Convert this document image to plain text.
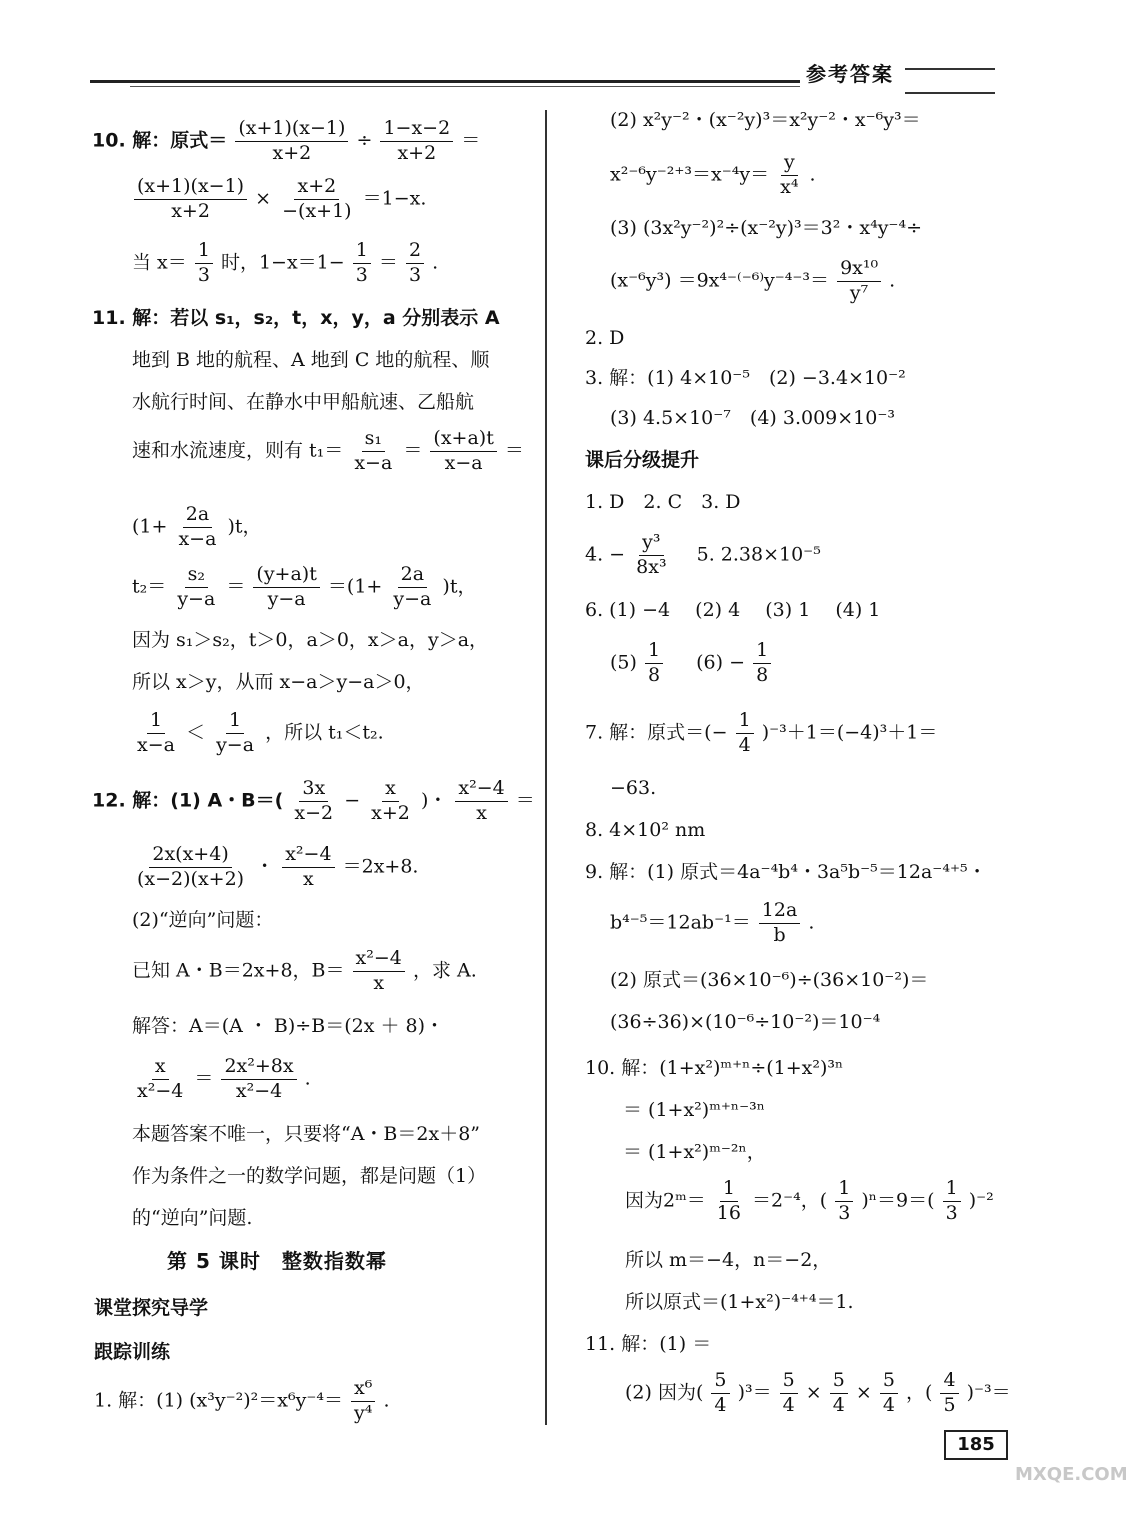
参考答案
10. 解：原式＝ $\frac{(x+1)(x-1)}{x+2} \div \frac{1-x-2}{x+2}$ ＝
$\frac{(x+1)(x-1)}{x+2} \times \frac{x+2}{-(x+1)} =1-x$.
当 $x= \frac{1}{3}$ 时，$1-x=1- \frac{1}{3} = \frac{2}{3}$ .
11. 解：若以 s₁，s₂，t，x，y，a 分别表示 A
地到 B 地的航程、A 地到 C 地的航程、顺
水航行时间、在静水中甲船航速、乙船航
速和水流速度，则有 $t_1= \frac{\text{s₁}}{x-a} = \frac{(x+a)t}{x-a}$ ＝
$(1+ \frac{2a}{x-a} )t$，
$t_2= \frac{\text{s₂}}{y-a} = \frac{(y+a)t}{y-a} =(1+ \frac{2a}{y-a} )t$，
因为 s₁＞s₂，t＞0，a＞0，x＞a，y＞a，
所以 x＞y，从而 x−a＞y−a＞0，
$\frac{1}{x-a} < \frac{1}{y-a}$ ，所以 t₁＜t₂.
12. 解：(1) A・$B=( \frac{3x}{x-2} - \frac{x}{x+2}$ )・ $\frac{\text{x²−4}}{x}$ ＝
$\frac{2x(x+4)}{(x-2)(x+2)}$ ・ $\frac{\text{x²−4}}{x} =2x+8$.
(2)“逆向”问题：
已知 A・B＝2x+8，$B= \frac{\text{x²−4}}{x}$ ，求 A.
解答：A＝(A ・ B)÷B＝(2x ＋ 8)・
$\frac{x}{\text{x²−4}} = \frac{\text{2x²+8x}}{\text{x²−4}}$ .
本题答案不唯一，只要将“A・B＝2x＋8”
作为条件之一的数学问题，都是问题（1）
的“逆向”问题.
第 5 课时　整数指数幂
课堂探究导学
跟踪训练
1. 解：(1) $(x^3y^{-2})^2=x^6y^{-4}= \frac{\text{x⁶}}{\text{y⁴}}$ .
(2) x²y⁻²・(x⁻²y)³＝x²y⁻²・x⁻⁶y³＝
$x^{2-6}y^{-2+3}=x^{-4}y= \frac{y}{\text{x⁴}}$ .
(3) (3x²y⁻²)²÷(x⁻²y)³＝3²・x⁴y⁻⁴÷
$(x^{-6}y^3) =9x^{4-(-6)}y^{-4-3}= \frac{\text{9x¹⁰}}{\text{y⁷}}$ .
2. D
3. 解：(1) 4×10⁻⁵　(2) −3.4×10⁻²
(3) 4.5×10⁻⁷　(4) 3.009×10⁻³
课后分级提升
1. D　2. C　3. D
4. − $\frac{\text{y³}}{\text{8x³}}$ 　5. 2.38×10⁻⁵
6. (1) −4　 (2) 4　 (3) 1　 (4) 1
$(5) \frac{1}{8}$ 　 $(6) - \frac{1}{8}$
7. 解：原式＝(− $\frac{1}{4} )^{-3}+1=(-4)^3+1=$
−63.
8. 4×10² nm
9. 解：(1) 原式＝4a⁻⁴b⁴・3a⁵b⁻⁵＝12a⁻⁴⁺⁵・
$b^{4-5}=12ab^{-1}= \frac{12a}{b}$ .
(2) 原式＝(36×10⁻⁶)÷(36×10⁻²)＝
(36÷36)×(10⁻⁶÷10⁻²)＝10⁻⁴
10. 解：(1+x²)ᵐ⁺ⁿ÷(1+x²)³ⁿ
＝ (1+x²)ᵐ⁺ⁿ⁻³ⁿ
＝ (1+x²)ᵐ⁻²ⁿ，
因为2ᵐ＝ $\frac{1}{16} =2^{-4}$，( $\frac{1}{3} )^n=9=( \frac{1}{3} )^{-2}$
所以 m＝−4，n＝−2，
所以原式＝(1+x²)⁻⁴⁺⁴＝1.
11. 解：(1) ＝
(2) 因为( $\frac{5}{4} )^3= \frac{5}{4} \times \frac{5}{4} \times \frac{5}{4}$ ，( $\frac{4}{5} )^{-3}=$
185
MXQE.COM
